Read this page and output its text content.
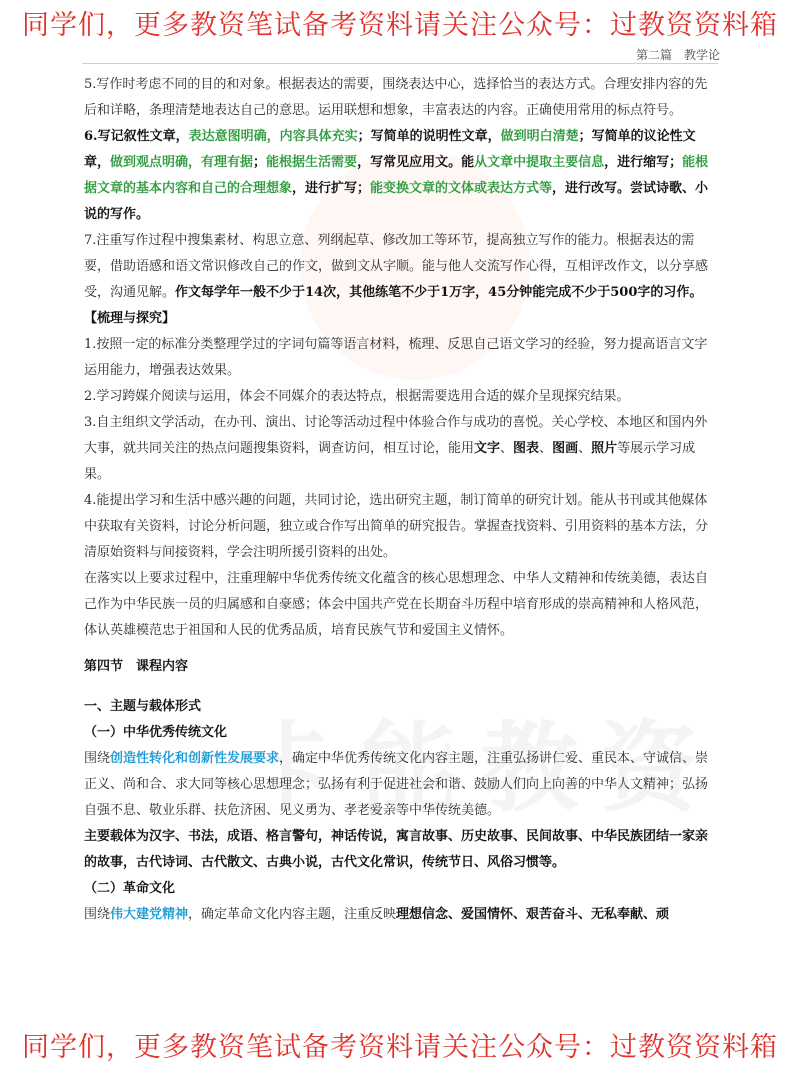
同学们，更多教资笔试备考资料请关注公众号：过教资资料箱
第二篇　教学论

5.写作时考虑不同的目的和对象。根据表达的需要，围绕表达中心，选择恰当的表达方式。合理安排内容的先后和详略，条理清楚地表达自己的意思。运用联想和想象，丰富表达的内容。正确使用常用的标点符号。

6.写记叙性文章，表达意图明确，内容具体充实；写简单的说明性文章，做到明白清楚；写简单的议论性文章，做到观点明确，有理有据；能根据生活需要，写常见应用文。能从文章中提取主要信息，进行缩写；能根据文章的基本内容和自己的合理想象，进行扩写；能变换文章的文体或表达方式等，进行改写。尝试诗歌、小说的写作。

7.注重写作过程中搜集素材、构思立意、列纲起草、修改加工等环节，提高独立写作的能力。根据表达的需要，借助语感和语文常识修改自己的作文，做到文从字顺。能与他人交流写作心得，互相评改作文，以分享感受，沟通见解。作文每学年一般不少于14次，其他练笔不少于1万字，45分钟能完成不少于500字的习作。

【梳理与探究】

1.按照一定的标准分类整理学过的字词句篇等语言材料，梳理、反思自己语文学习的经验，努力提高语言文字运用能力，增强表达效果。

2.学习跨媒介阅读与运用，体会不同媒介的表达特点，根据需要选用合适的媒介呈现探究结果。

3.自主组织文学活动，在办刊、演出、讨论等活动过程中体验合作与成功的喜悦。关心学校、本地区和国内外大事，就共同关注的热点问题搜集资料，调查访问，相互讨论，能用文字、图表、图画、照片等展示学习成果。

4.能提出学习和生活中感兴趣的问题，共同讨论，选出研究主题，制订简单的研究计划。能从书刊或其他媒体中获取有关资料，讨论分析问题，独立或合作写出简单的研究报告。掌握查找资料、引用资料的基本方法，分清原始资料与间接资料，学会注明所援引资料的出处。

在落实以上要求过程中，注重理解中华优秀传统文化蕴含的核心思想理念、中华人文精神和传统美德，表达自己作为中华民族一员的归属感和自豪感；体会中国共产党在长期奋斗历程中培育形成的崇高精神和人格风范，体认英雄模范忠于祖国和人民的优秀品质，培育民族气节和爱国主义情怀。

第四节　课程内容

一、主题与载体形式

（一）中华优秀传统文化

围绕创造性转化和创新性发展要求，确定中华优秀传统文化内容主题，注重弘扬讲仁爱、重民本、守诚信、崇正义、尚和合、求大同等核心思想理念；弘扬有利于促进社会和谐、鼓励人们向上向善的中华人文精神；弘扬自强不息、敬业乐群、扶危济困、见义勇为、孝老爱亲等中华传统美德。

主要载体为汉字、书法，成语、格言警句，神话传说，寓言故事、历史故事、民间故事、中华民族团结一家亲的故事，古代诗词、古代散文、古典小说，古代文化常识，传统节日、风俗习惯等。

（二）革命文化

围绕伟大建党精神，确定革命文化内容主题，注重反映理想信念、爱国情怀、艰苦奋斗、无私奉献、顽

同学们，更多教资笔试备考资料请关注公众号：过教资资料箱
